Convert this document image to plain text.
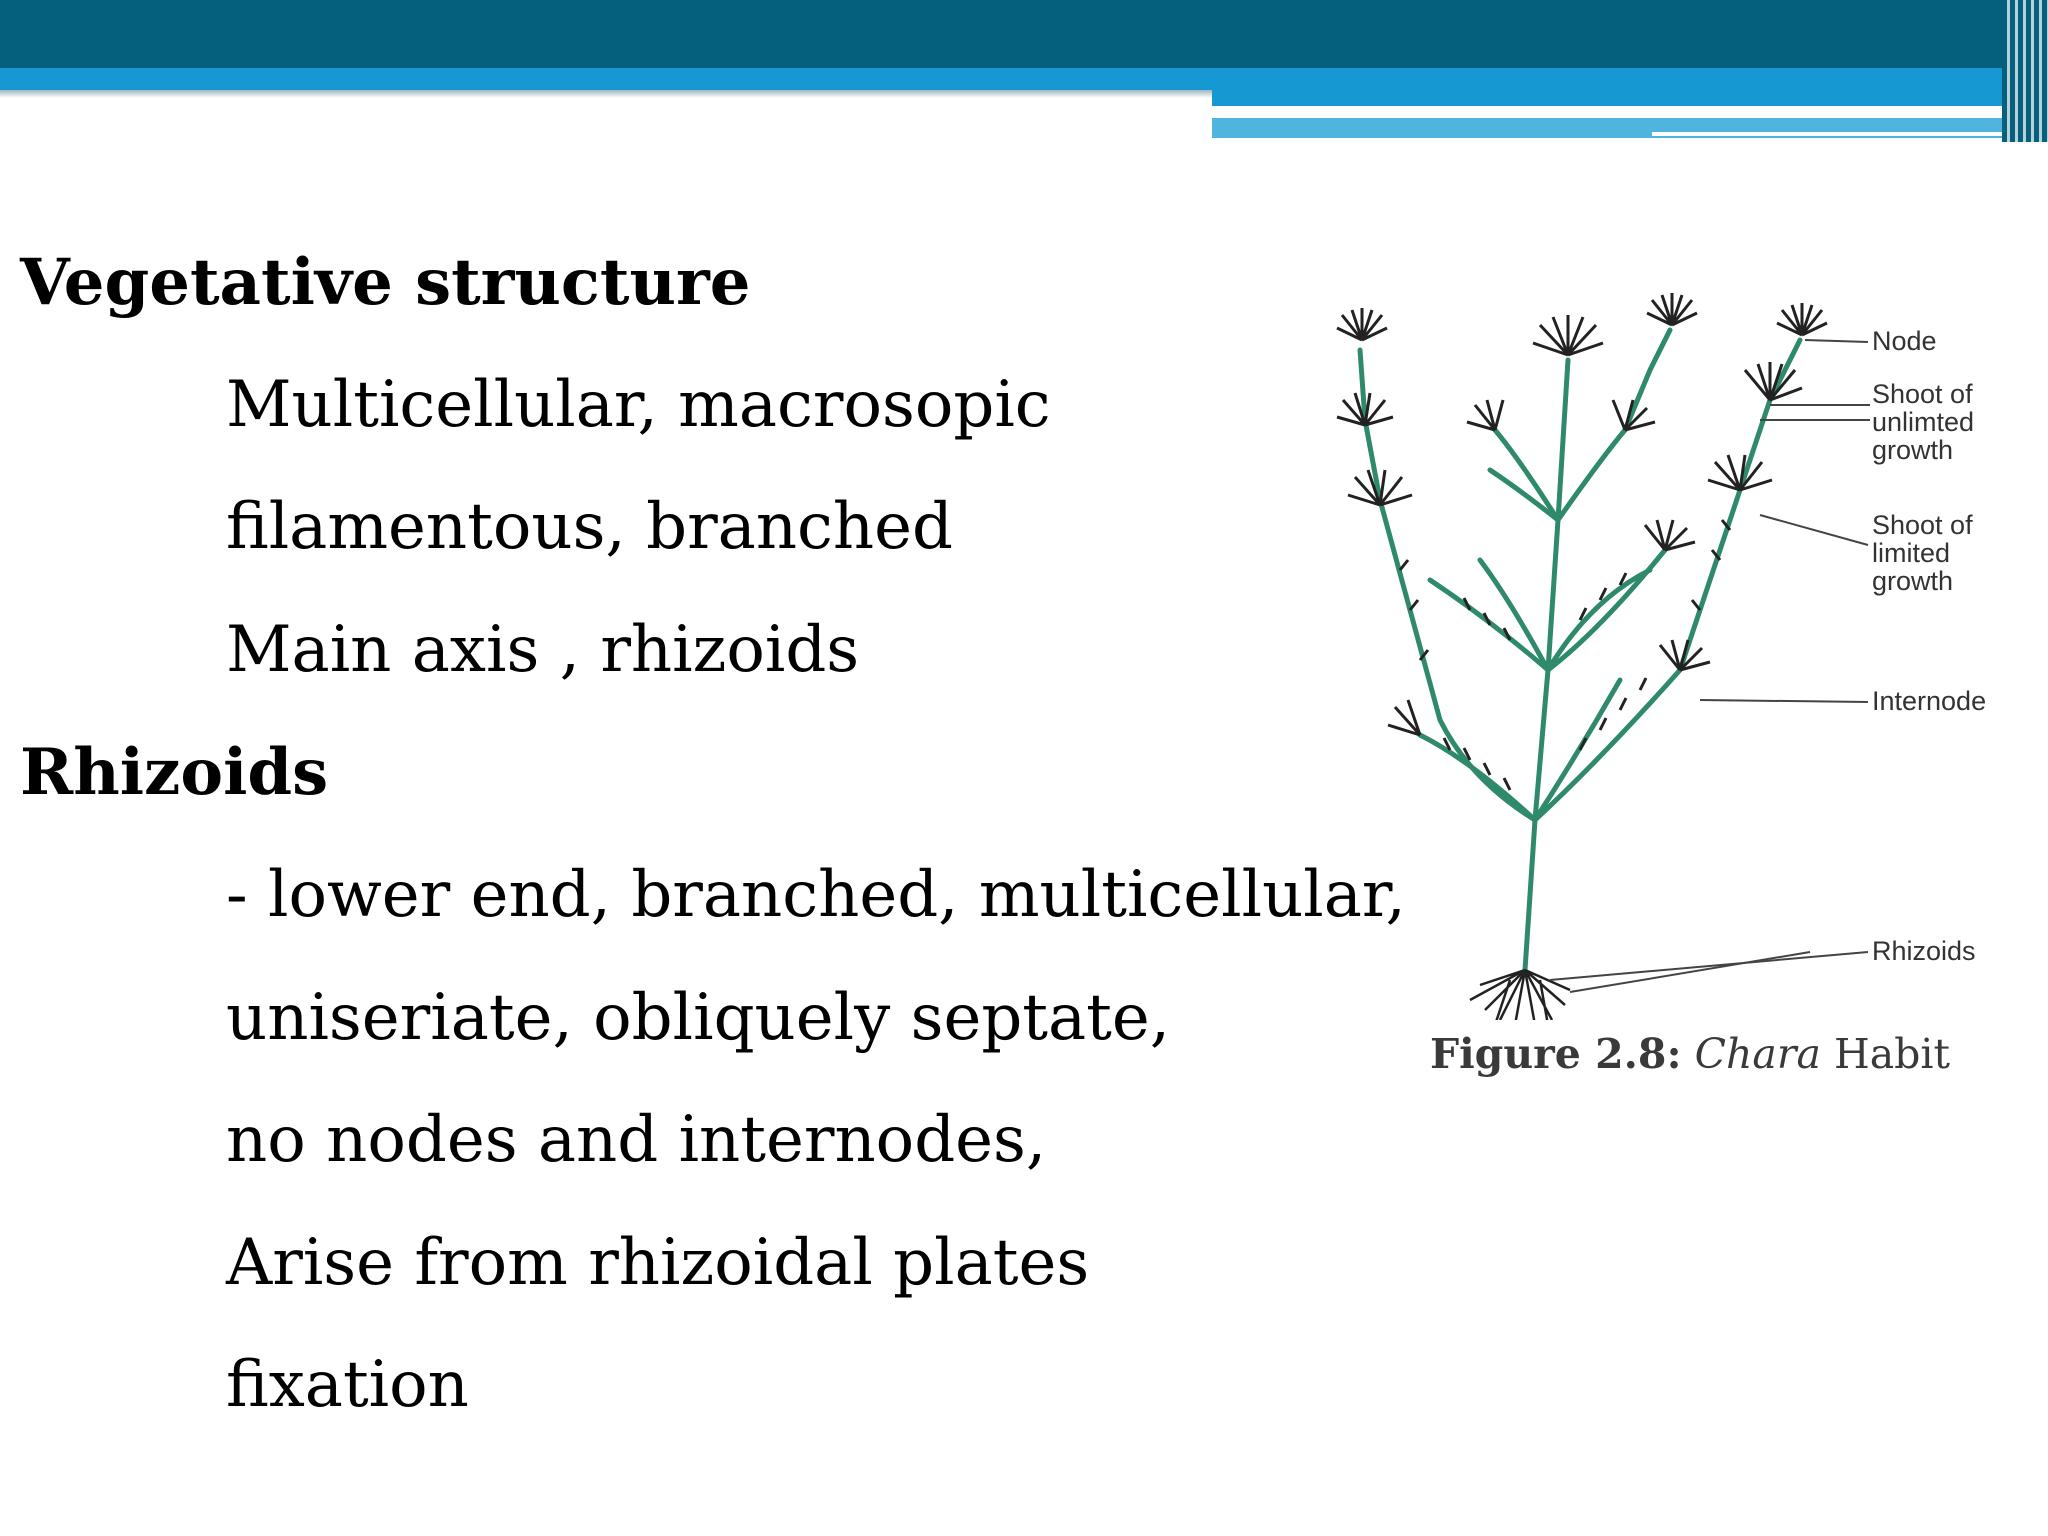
Vegetative structure
Multicellular, macrosopic
filamentous, branched
Main axis , rhizoids
Rhizoids
- lower end, branched, multicellular,
uniseriate, obliquely septate,
no nodes and internodes,
Arise from rhizoidal plates
fixation
Node
Shoot of
unlimted
growth
Shoot of
limited
growth
Internode
Rhizoids
Figure 2.8: Chara Habit
